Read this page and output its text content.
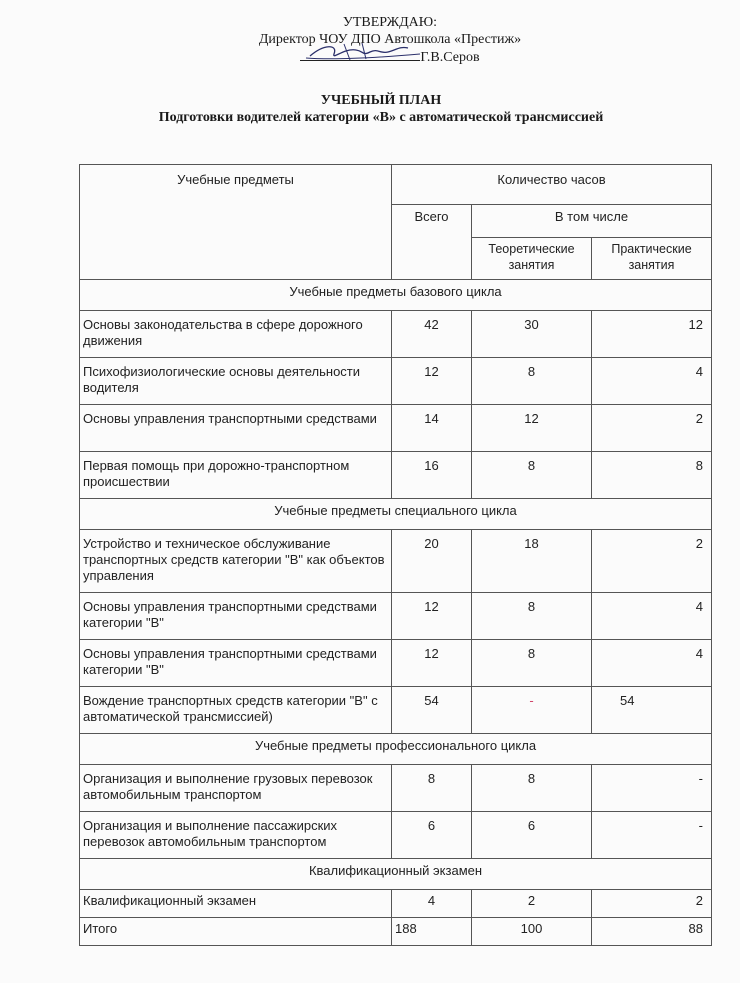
УТВЕРЖДАЮ:
Директор ЧОУ ДПО Автошкола «Престиж»
Г.В.Серов
УЧЕБНЫЙ ПЛАН
Подготовки водителей категории «В» с автоматической трансмиссией
Учебные предметы	Количество часов		
	Всего	В том числе	
		Теоретические занятия	Практические занятия
Учебные предметы базового цикла			
Основы законодательства в сфере дорожного движения	42	30	12
Психофизиологические основы деятельности водителя	12	8	4
Основы управления транспортными средствами	14	12	2
Первая помощь при дорожно-транспортном происшествии	16	8	8
Учебные предметы специального цикла			
Устройство и техническое обслуживание транспортных средств категории "В" как объектов управления	20	18	2
Основы управления транспортными средствами категории "В"	12	8	4
Основы управления транспортными средствами категории "В"	12	8	4
Вождение транспортных средств категории "В" с автоматической трансмиссией)	54	-	54
Учебные предметы профессионального цикла			
Организация и выполнение грузовых перевозок автомобильным транспортом	8	8	-
Организация и выполнение пассажирских перевозок автомобильным транспортом	6	6	-
Квалификационный экзамен			
Квалификационный экзамен	4	2	2
Итого	188	100	88
